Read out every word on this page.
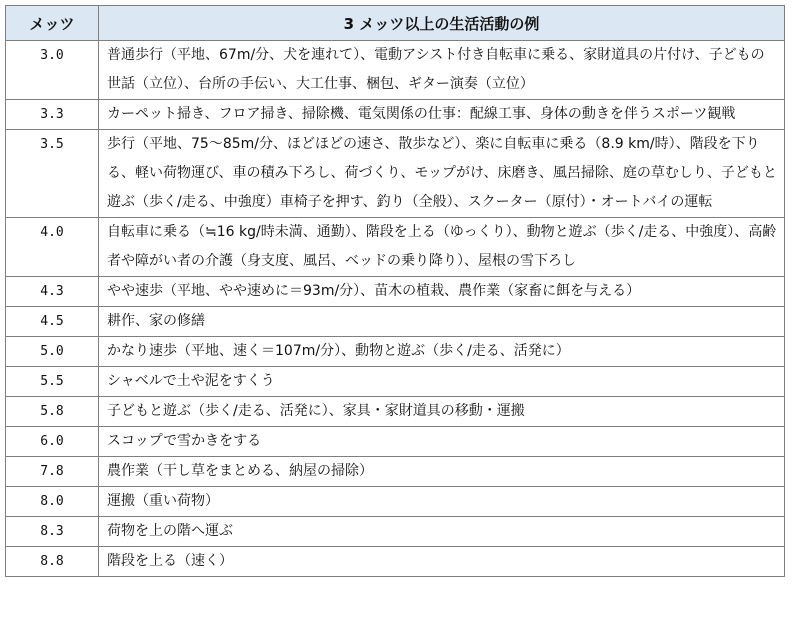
メッツ	3 メッツ以上の生活活動の例
3.0	普通歩行（平地、67m/分、犬を連れて）、電動アシスト付き自転車に乗る、家財道具の片付け、子どもの世話（立位）、台所の手伝い、大工仕事、梱包、ギター演奏（立位）
3.3	カーペット掃き、フロア掃き、掃除機、電気関係の仕事：配線工事、身体の動きを伴うスポーツ観戦
3.5	歩行（平地、75～85m/分、ほどほどの速さ、散歩など）、楽に自転車に乗る（8.9 km/時）、階段を下りる、軽い荷物運び、車の積み下ろし、荷づくり、モップがけ、床磨き、風呂掃除、庭の草むしり、子どもと遊ぶ（歩く/走る、中強度）車椅子を押す、釣り（全般）、スクーター（原付）・オートバイの運転
4.0	自転車に乗る（≒16 kg/時未満、通勤）、階段を上る（ゆっくり）、動物と遊ぶ（歩く/走る、中強度）、高齢者や障がい者の介護（身支度、風呂、ベッドの乗り降り）、屋根の雪下ろし
4.3	やや速歩（平地、やや速めに＝93m/分）、苗木の植栽、農作業（家畜に餌を与える）
4.5	耕作、家の修繕
5.0	かなり速歩（平地、速く＝107m/分）、動物と遊ぶ（歩く/走る、活発に）
5.5	シャベルで土や泥をすくう
5.8	子どもと遊ぶ（歩く/走る、活発に）、家具・家財道具の移動・運搬
6.0	スコップで雪かきをする
7.8	農作業（干し草をまとめる、納屋の掃除）
8.0	運搬（重い荷物）
8.3	荷物を上の階へ運ぶ
8.8	階段を上る（速く）
